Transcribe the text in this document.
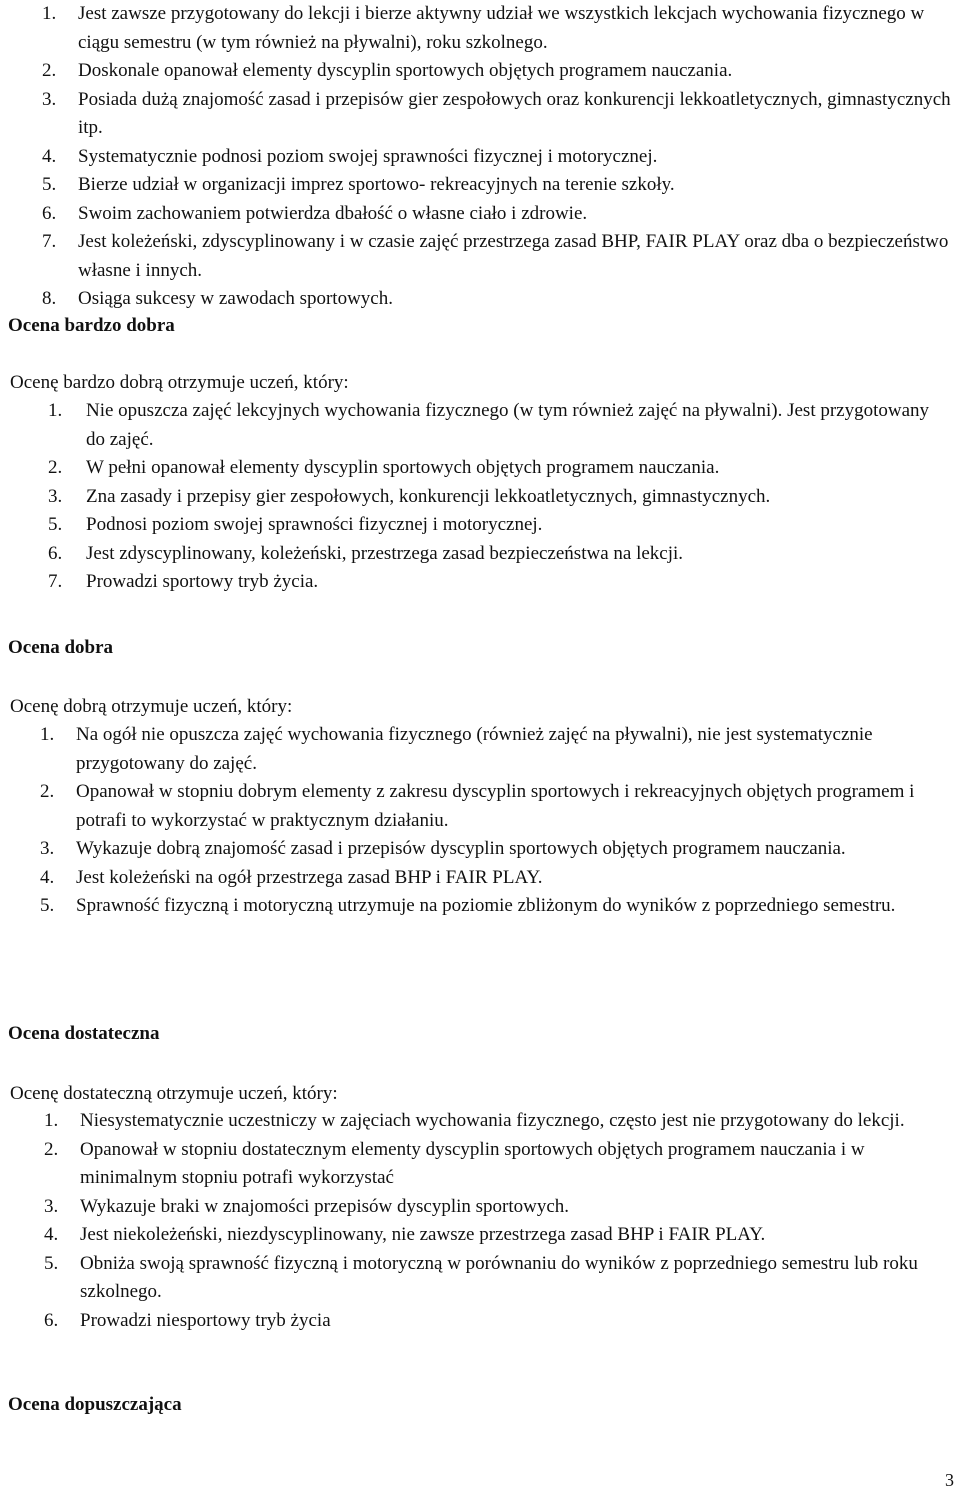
1. Jest zawsze przygotowany do lekcji i bierze aktywny udział we wszystkich lekcjach wychowania fizycznego w ciągu semestru (w tym również na pływalni), roku szkolnego.
2. Doskonale opanował elementy dyscyplin sportowych objętych programem nauczania.
3. Posiada dużą znajomość zasad i przepisów gier zespołowych oraz konkurencji lekkoatletycznych, gimnastycznych itp.
4. Systematycznie podnosi poziom swojej sprawności fizycznej i motorycznej.
5. Bierze udział w organizacji imprez sportowo- rekreacyjnych na terenie szkoły.
6. Swoim zachowaniem potwierdza dbałość o własne ciało i zdrowie.
7. Jest koleżeński, zdyscyplinowany i w czasie zajęć przestrzega zasad BHP, FAIR PLAY oraz dba o bezpieczeństwo własne i innych.
8. Osiąga sukcesy w zawodach sportowych.
Ocena bardzo dobra
Ocenę bardzo dobrą otrzymuje uczeń, który:
1. Nie opuszcza zajęć lekcyjnych wychowania fizycznego (w tym również zajęć na pływalni). Jest przygotowany do zajęć.
2. W pełni opanował elementy dyscyplin sportowych objętych programem nauczania.
3. Zna zasady i przepisy gier zespołowych, konkurencji lekkoatletycznych, gimnastycznych.
5. Podnosi poziom swojej sprawności fizycznej i motorycznej.
6. Jest zdyscyplinowany, koleżeński, przestrzega zasad bezpieczeństwa na lekcji.
7. Prowadzi sportowy tryb życia.
Ocena dobra
Ocenę dobrą otrzymuje uczeń, który:
1. Na ogół nie opuszcza zajęć wychowania fizycznego (również zajęć na pływalni), nie jest systematycznie przygotowany do zajęć.
2. Opanował w stopniu dobrym elementy z zakresu dyscyplin sportowych i rekreacyjnych objętych programem i potrafi to wykorzystać w praktycznym działaniu.
3. Wykazuje dobrą znajomość zasad i przepisów dyscyplin sportowych objętych programem nauczania.
4. Jest koleżeński na ogół przestrzega zasad BHP i FAIR PLAY.
5. Sprawność fizyczną i motoryczną utrzymuje na poziomie zbliżonym do wyników z poprzedniego semestru.
Ocena dostateczna
Ocenę dostateczną otrzymuje uczeń, który:
1. Niesystematycznie uczestniczy w zajęciach wychowania fizycznego, często jest nie przygotowany do lekcji.
2. Opanował w stopniu dostatecznym elementy dyscyplin sportowych objętych programem nauczania i w minimalnym stopniu potrafi wykorzystać
3. Wykazuje braki w znajomości przepisów dyscyplin sportowych.
4. Jest niekoleżeński, niezdyscyplinowany, nie zawsze przestrzega zasad BHP i FAIR PLAY.
5. Obniża swoją sprawność fizyczną i motoryczną w porównaniu do wyników z poprzedniego semestru lub roku szkolnego.
6. Prowadzi niesportowy tryb życia
Ocena dopuszczająca
3
